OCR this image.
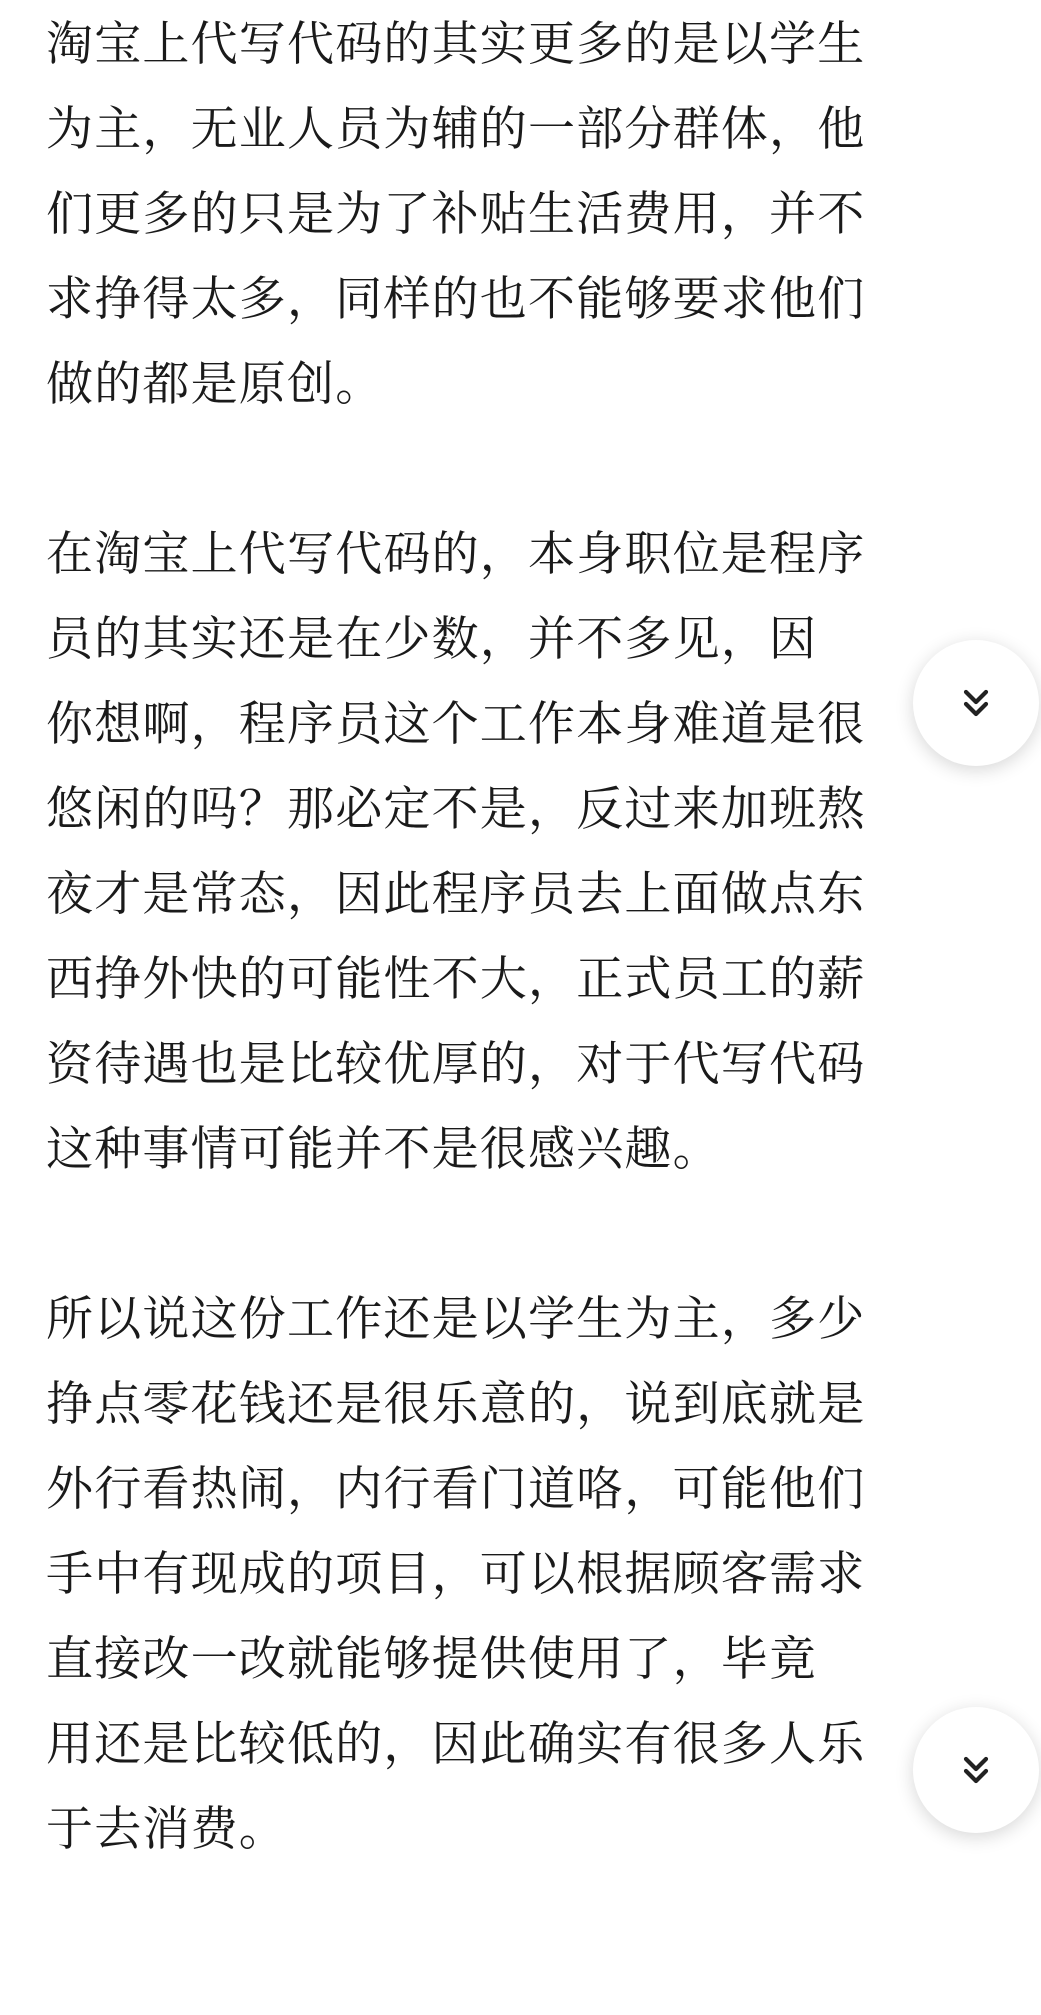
淘宝上代写代码的其实更多的是以学生
为主，无业人员为辅的一部分群体，他
们更多的只是为了补贴生活费用，并不
求挣得太多，同样的也不能够要求他们
做的都是原创。

在淘宝上代写代码的，本身职位是程序
员的其实还是在少数，并不多见，因
你想啊，程序员这个工作本身难道是很
悠闲的吗？那必定不是，反过来加班熬
夜才是常态，因此程序员去上面做点东
西挣外快的可能性不大，正式员工的薪
资待遇也是比较优厚的，对于代写代码
这种事情可能并不是很感兴趣。

所以说这份工作还是以学生为主，多少
挣点零花钱还是很乐意的，说到底就是
外行看热闹，内行看门道咯，可能他们
手中有现成的项目，可以根据顾客需求
直接改一改就能够提供使用了，毕竟
用还是比较低的，因此确实有很多人乐
于去消费。
